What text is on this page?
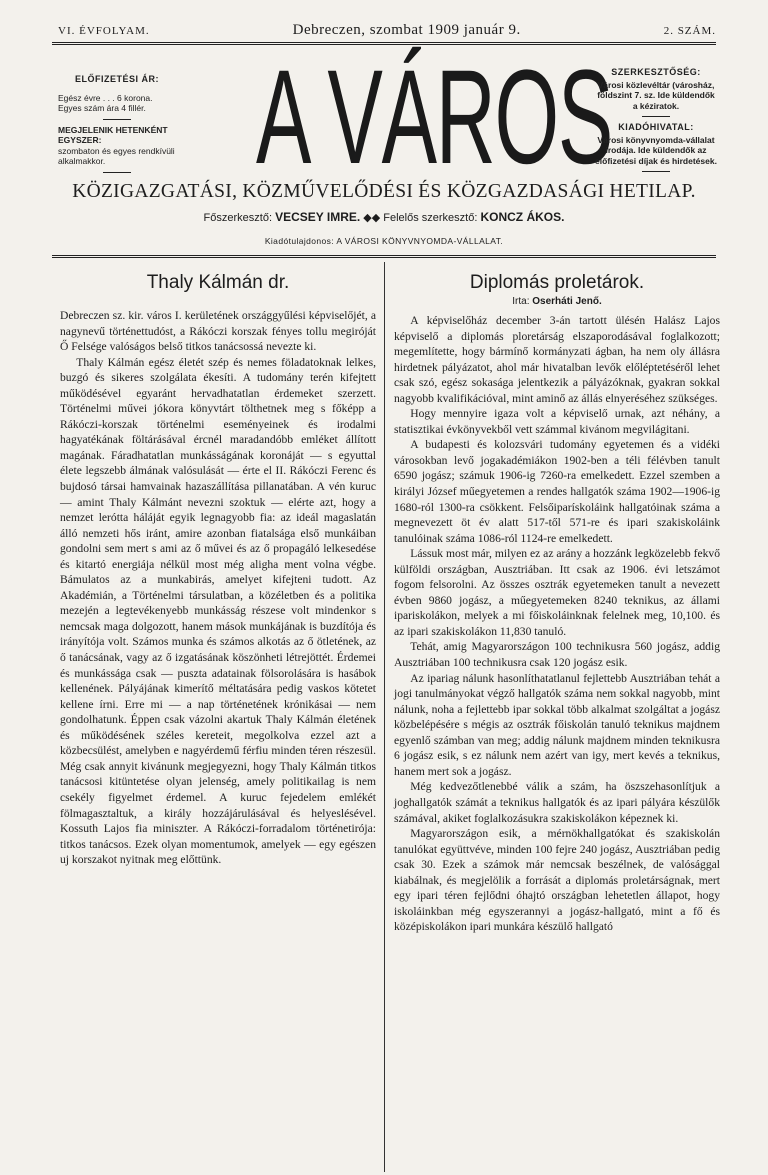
VI. ÉVFOLYAM.	Debreczen, szombat 1909 január 9.	2. SZÁM.
ELŐFIZETÉSI ÁR:
Egész évre . . . 6 korona.
Egyes szám ára 4 fillér.
MEGJELENIK HETENKÉNT EGYSZER:
szombaton és egyes rendkívüli alkalmakkor.	A VÁROS SZERKESZTŐSÉG:
Városi közlevéltár (városház, földszint 7. sz. Ide küldendők a kéziratok.
KIADÓHIVATAL:
Városi könyvnyomda-vállalat irodája. Ide küldendők az előfizetési díjak és hirdetések.
KÖZIGAZGATÁSI, KÖZMŰVELŐDÉSI ÉS KÖZGAZDASÁGI HETILAP.
Főszerkesztő: VECSEY IMRE. ◆◆ Felelős szerkesztő: KONCZ ÁKOS.
Kiadótulajdonos: A VÁROSI KÖNYVNYOMDA-VÁLLALAT.
Thaly Kálmán dr.

Debreczen sz. kir. város I. kerületének országgyűlési képviselőjét, a nagynevű történettudóst, a Rákóczi korszak fényes tollu megiróját Ő Felsége valóságos belső titkos tanácsossá nevezte ki.

Thaly Kálmán egész életét szép és nemes föladatoknak lelkes, buzgó és sikeres szolgálata ékesíti. A tudomány terén kifejtett működésével egyaránt hervadhatatlan érdemeket szerzett. Történelmi művei jókora könyvtárt tölthetnek meg s főképp a Rákóczi-korszak történelmi eseményeinek és irodalmi hagyatékának föltárásával ércnél maradandóbb emléket állított magának. Fáradhatatlan munkásságának koronáját — s egyuttal élete legszebb álmának valósulását — érte el II. Rákóczi Ferenc és bujdosó társai hamvainak hazaszállítása pillanatában. A vén kuruc — amint Thaly Kálmánt nevezni szoktuk — elérte azt, hogy a nemzet lerótta háláját egyik legnagyobb fia: az ideál magaslatán álló nemzeti hős iránt, amire azonban fiatalsága első munkáiban gondolni sem mert s ami az ő művei és az ő propagáló lelkesedése és kitartó energiája nélkül most még aligha ment volna végbe. Bámulatos az a munkabirás, amelyet kifejteni tudott. Az Akadémián, a Történelmi társulatban, a közéletben és a politika mezején a legtevékenyebb munkásság részese volt mindenkor s nemcsak maga dolgozott, hanem mások munkájának is buzdítója és irányítója volt. Számos munka és számos alkotás az ő ötletének, az ő tanácsának, vagy az ő izgatásának köszönheti létrejöttét. Érdemei és munkássága csak — puszta adatainak fölsorolására is hasábok kellenének. Pályájának kimerítő méltatására pedig vaskos kötetet kellene írni. Erre mi — a nap történetének krónikásai — nem gondolhatunk. Éppen csak vázolni akartuk Thaly Kálmán életének és működésének széles kereteit, megolkolva ezzel azt a közbecsülést, amelyben e nagyérdemű férfiu minden téren részesül. Még csak annyit kivánunk megjegyezni, hogy Thaly Kálmán titkos tanácsosi kitüntetése olyan jelenség, amely politikailag is nem csekély figyelmet érdemel. A kuruc fejedelem emlékét fölmagasztaltuk, a király hozzájárulásával és helyeslésével. Kossuth Lajos fia miniszter. A Rákóczi-forradalom történetirója: titkos tanácsos. Ezek olyan momentumok, amelyek — egy egészen uj korszakot nyitnak meg előttünk.

Diplomás proletárok.
Irta: Oserháti Jenő.

A képviselőház december 3-án tartott ülésén Halász Lajos képviselő a diplomás ploretárság elszaporodásával foglalkozott; megemlítette, hogy bármínő kormányzati ágban, ha nem oly állásra hirdetnek pályázatot, ahol már hivatalban levők előléptetéséről lehet csak szó, egész sokasága jelentkezik a pályázóknak, gyakran sokkal nagyobb kvalifikációval, mint aminő az állás elnyeréséhez szükséges.

Hogy mennyire igaza volt a képviselő urnak, azt néhány, a statisztikai évkönyvekből vett számmal kivánom megvilágitani.

A budapesti és kolozsvári tudomány egyetemen és a vidéki városokban levő jogakadémiákon 1902-ben a téli félévben tanult 6590 jogász; számuk 1906-ig 7260-ra emelkedett. Ezzel szemben a királyi József műegyetemen a rendes hallgatók száma 1902—1906-ig 1680-ról 1300-ra csökkent. Felsőiparískoláink hallgatóinak száma a megnevezett öt év alatt 517-től 571-re és ipari szakiskoláink tanulóinak száma 1086-ról 1124-re emelkedett.

Lássuk most már, milyen ez az arány a hozzánk legközelebb fekvő külföldi országban, Ausztriában. Itt csak az 1906. évi letszámot fogom felsorolni. Az összes osztrák egyetemeken tanult a nevezett évben 9860 jogász, a műegyetemeken 8240 teknikus, az állami ipariskolákon, melyek a mi főiskoláinknak felelnek meg, 10,100. és az ipari szakiskolákon 11,830 tanuló.

Tehát, amig Magyarországon 100 technikusra 560 jogász, addig Ausztriában 100 technikusra csak 120 jogász esik.

Az ipariag nálunk hasonlíthatatlanul fejlettebb Ausztriában tehát a jogi tanulmányokat végző hallgatók száma nem sokkal nagyobb, mint nálunk, noha a fejlettebb ipar sokkal több alkalmat szolgáltat a jogász közbelépésére s mégis az osztrák főiskolán tanuló teknikus majdnem egyenlő számban van meg; addig nálunk majdnem minden teknikusra 6 jogász esik, s ez nálunk nem azért van igy, mert kevés a teknikus, hanem mert sok a jogász.

Még kedvezőtlenebbé válik a szám, ha öszszehasonlítjuk a joghallgatók számát a teknikus hallgatók és az ipari pályára készülők számával, akiket foglalkozásukra szakiskolákon képeznek ki.

Magyarországon esik, a mérnökhallgatókat és szakiskolán tanulókat együttvéve, minden 100 fejre 240 jogász, Ausztriában pedig csak 30. Ezek a számok már nemcsak beszélnek, de valósággal kiabálnak, és megjelölik a forrását a diplomás proletárságnak, mert egy ipari téren fejlődni óhajtó országban lehetetlen állapot, hogy iskoláinkban még egyszerannyi a jogász-hallgató, mint a fő és középiskolákon ipari munkára készülő hallgató
